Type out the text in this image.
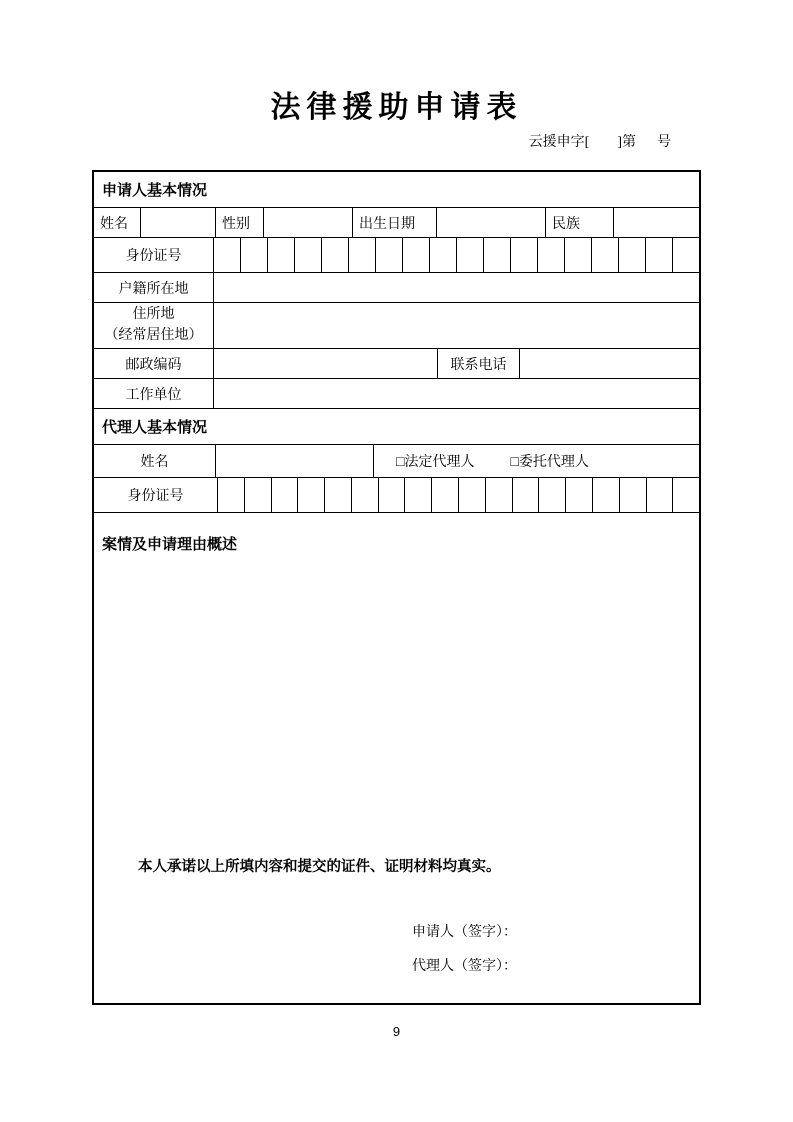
法律援助申请表
云援申字[        ]第      号
申请人基本情况
姓名	性别	出生日期	民族
身份证号
户籍所在地
住所地
（经常居住地）
邮政编码	联系电话
工作单位
代理人基本情况
姓名	□法定代理人	□委托代理人
身份证号
案情及申请理由概述
本人承诺以上所填内容和提交的证件、证明材料均真实。
申请人（签字）：
代理人（签字）：
9
